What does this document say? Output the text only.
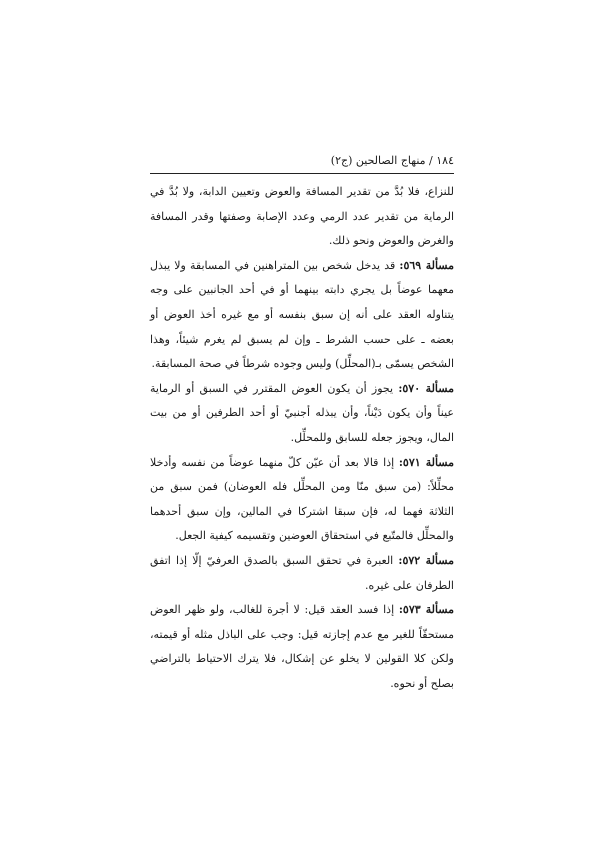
١٨٤ / منهاج الصالحين (ج٢)

للنزاع، فلا بُدَّ من تقدير المسافة والعوض وتعيين الدابة، ولا بُدَّ في الرماية من تقدير عدد الرمي وعدد الإصابة وصفتها وقدر المسافة والغرض والعوض ونحو ذلك.

مسألة ٥٦٩: قد يدخل شخص بين المتراهنين في المسابقة ولا يبذل معهما عوضاً بل يجري دابته بينهما أو في أحد الجانبين على وجه يتناوله العقد على أنه إن سبق بنفسه أو مع غيره أخذ العوض أو بعضه ـ على حسب الشرط ـ وإن لم يسبق لم يغرم شيئاً، وهذا الشخص يسمّى بـ(المحلِّل) وليس وجوده شرطاً في صحة المسابقة.

مسألة ٥٧٠: يجوز أن يكون العوض المقترر في السبق أو الرماية عيناً وأن يكون دَيْناً، وأن يبذله أجنبيّ أو أحد الطرفين أو من بيت المال، ويجوز جعله للسابق وللمحلِّل.

مسألة ٥٧١: إذا قالا بعد أن عيّن كلّ منهما عوضاً من نفسه وأدخلا محلِّلاً: (من سبق منّا ومن المحلِّل فله العوضان) فمن سبق من الثلاثة فهما له، فإن سبقا اشتركا في المالين، وإن سبق أحدهما والمحلِّل فالمتّبع في استحقاق العوضين وتقسيمه كيفية الجعل.

مسألة ٥٧٢: العبرة في تحقق السبق بالصدق العرفيّ إلّا إذا اتفق الطرفان على غيره.

مسألة ٥٧٣: إذا فسد العقد قيل: لا أجرة للغالب، ولو ظهر العوض مستحقّاً للغير مع عدم إجازته قيل: وجب على الباذل مثله أو قيمته، ولكن كلا القولين لا يخلو عن إشكال، فلا يترك الاحتياط بالتراضي بصلح أو نحوه.
